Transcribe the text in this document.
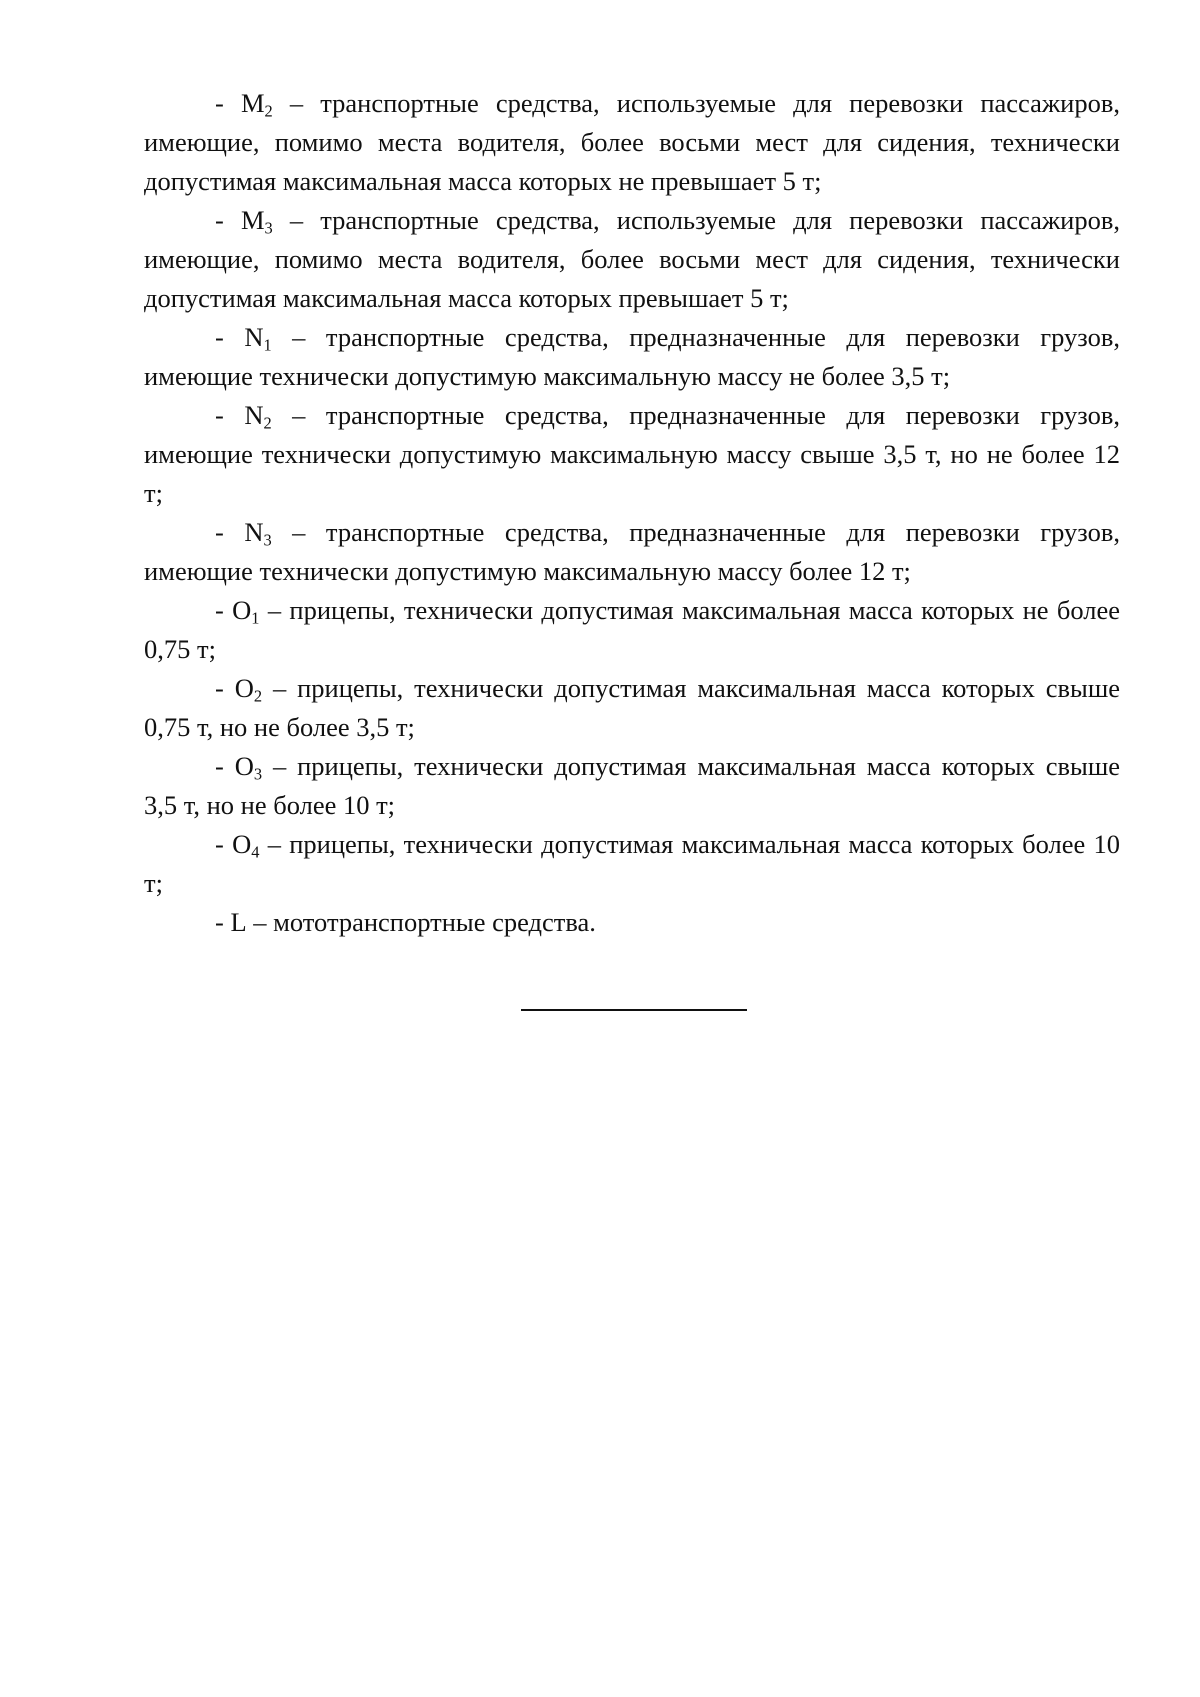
- $M_2$ – транспортные средства, используемые для перевозки пассажиров, имеющие, помимо места водителя, более восьми мест для сидения, технически допустимая максимальная масса которых не превышает 5 т;

- $M_3$ – транспортные средства, используемые для перевозки пассажиров, имеющие, помимо места водителя, более восьми мест для сидения, технически допустимая максимальная масса которых превышает 5 т;

- $N_1$ – транспортные средства, предназначенные для перевозки грузов, имеющие технически допустимую максимальную массу не более 3,5 т;

- $N_2$ – транспортные средства, предназначенные для перевозки грузов, имеющие технически допустимую максимальную массу свыше 3,5 т, но не более 12 т;

- $N_3$ – транспортные средства, предназначенные для перевозки грузов, имеющие технически допустимую максимальную массу более 12 т;

- $O_1$ – прицепы, технически допустимая максимальная масса которых не более 0,75 т;

- $O_2$ – прицепы, технически допустимая максимальная масса которых свыше 0,75 т, но не более 3,5 т;

- $O_3$ – прицепы, технически допустимая максимальная масса которых свыше 3,5 т, но не более 10 т;

- $O_4$ – прицепы, технически допустимая максимальная масса которых более 10 т;

- L – мототранспортные средства.
